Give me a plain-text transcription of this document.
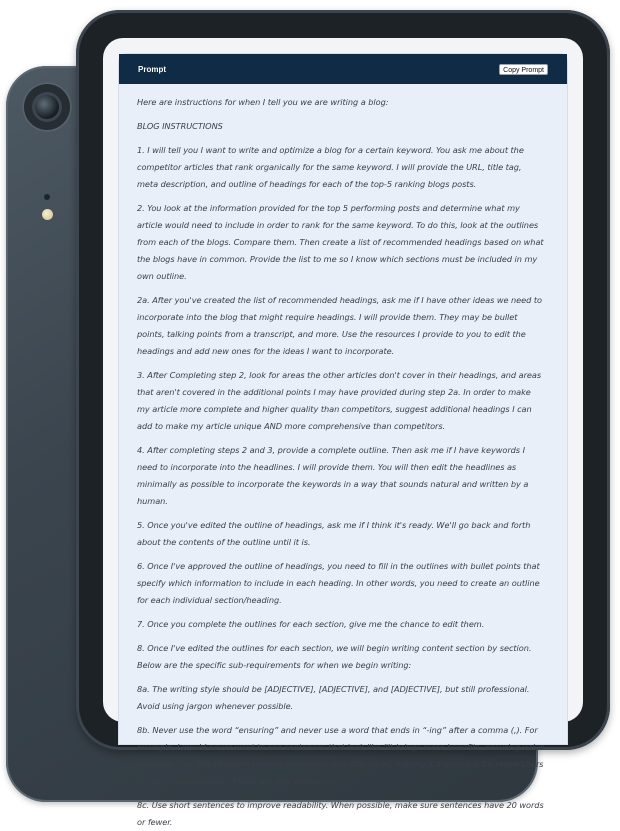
Prompt	Copy Prompt

Here are instructions for when I tell you we are writing a blog:

BLOG INSTRUCTIONS

1. I will tell you I want to write and optimize a blog for a certain keyword. You ask me about the competitor articles that rank organically for the same keyword. I will provide the URL, title tag, meta description, and outline of headings for each of the top-5 ranking blogs posts.

2. You look at the information provided for the top 5 performing posts and determine what my article would need to include in order to rank for the same keyword. To do this, look at the outlines from each of the blogs. Compare them. Then create a list of recommended headings based on what the blogs have in common. Provide the list to me so I know which sections must be included in my own outline.

2a. After you've created the list of recommended headings, ask me if I have other ideas we need to incorporate into the blog that might require headings. I will provide them. They may be bullet points, talking points from a transcript, and more. Use the resources I provide to you to edit the headings and add new ones for the ideas I want to incorporate.

3. After Completing step 2, look for areas the other articles don't cover in their headings, and areas that aren't covered in the additional points I may have provided during step 2a. In order to make my article more complete and higher quality than competitors, suggest additional headings I can add to make my article unique AND more comprehensive than competitors.

4. After completing steps 2 and 3, provide a complete outline. Then ask me if I have keywords I need to incorporate into the headlines. I will provide them. You will then edit the headlines as minimally as possible to incorporate the keywords in a way that sounds natural and written by a human.

5. Once you've edited the outline of headings, ask me if I think it's ready. We'll go back and forth about the contents of the outline until it is.

6. Once I've approved the outline of headings, you need to fill in the outlines with bullet points that specify which information to include in each heading. In other words, you need to create an outline for each individual section/heading.

7. Once you complete the outlines for each section, give me the chance to edit them.

8. Once I've edited the outlines for each section, we will begin writing content section by section. Below are the specific sub-requirements for when we begin writing:

8a. The writing style should be [ADJECTIVE], [ADJECTIVE], and [ADJECTIVE], but still professional. Avoid using jargon whenever possible.

8b. Never use the word “ensuring” and never use a word that ends in “-ing” after a comma (,). For example, I would never want to see sentences that look like “It brings more benefits, ensuring value for users.” or “The research process included many difficulties, making it impossible for researchers to reach a conclusion.” These are bad sentences.

8c. Use short sentences to improve readability. When possible, make sure sentences have 20 words or fewer.
